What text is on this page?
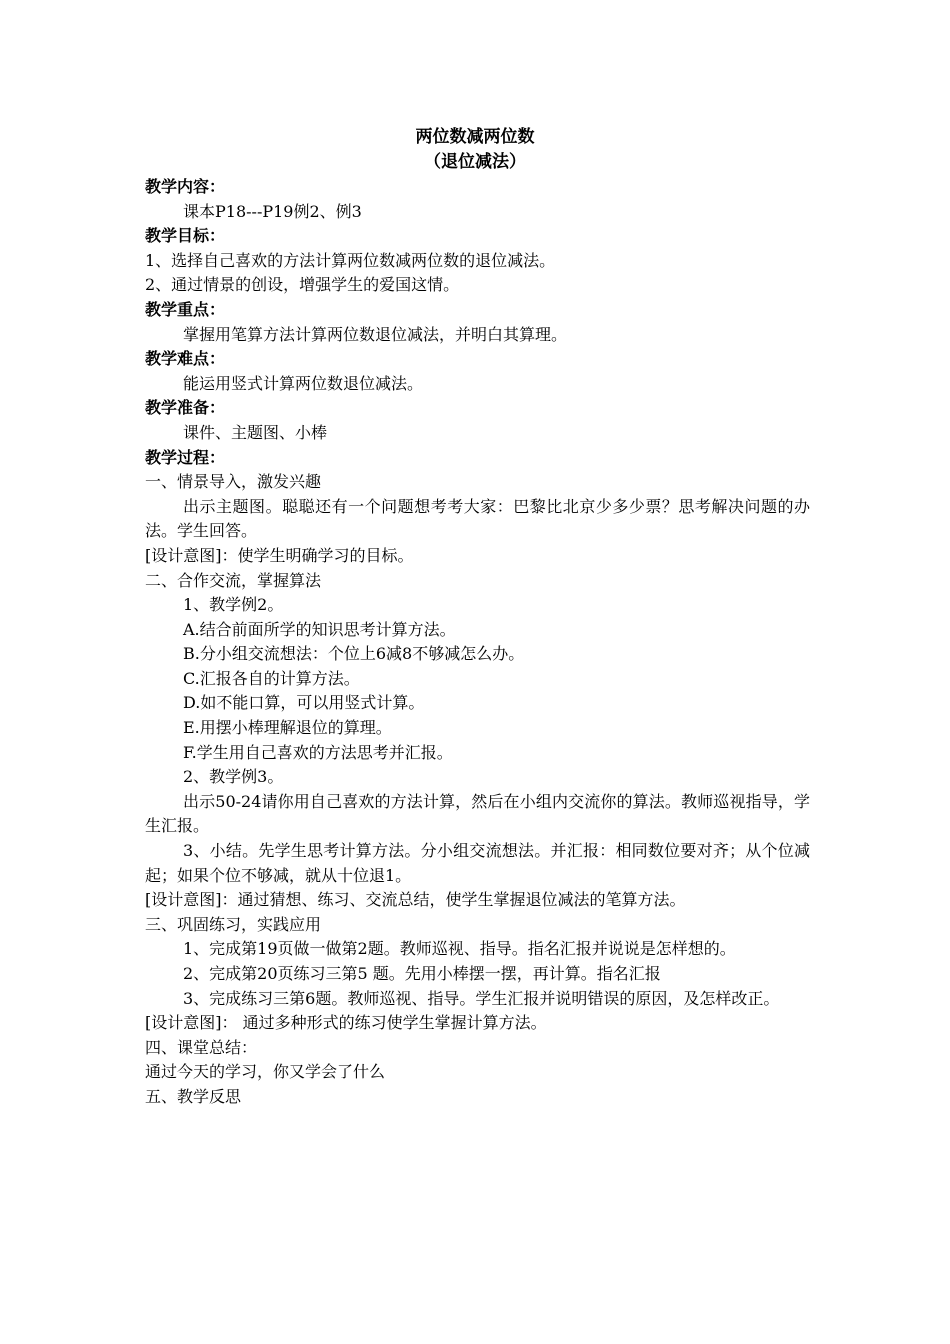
两位数减两位数
（退位减法）

教学内容：

课本P18---P19例2、例3

教学目标：

1、选择自己喜欢的方法计算两位数减两位数的退位减法。

2、通过情景的创设，增强学生的爱国这情。

教学重点：

掌握用笔算方法计算两位数退位减法，并明白其算理。

教学难点：

能运用竖式计算两位数退位减法。

教学准备：

课件、主题图、小棒

教学过程：

一、情景导入，激发兴趣

出示主题图。聪聪还有一个问题想考考大家：巴黎比北京少多少票？思考解决问题的办法。学生回答。

[设计意图]：使学生明确学习的目标。

二、合作交流，掌握算法

1、教学例2。

A.结合前面所学的知识思考计算方法。

B.分小组交流想法：个位上6减8不够减怎么办。

C.汇报各自的计算方法。

D.如不能口算，可以用竖式计算。

E.用摆小棒理解退位的算理。

F.学生用自己喜欢的方法思考并汇报。

2、教学例3。

出示50-24请你用自己喜欢的方法计算，然后在小组内交流你的算法。教师巡视指导，学生汇报。

3、小结。先学生思考计算方法。分小组交流想法。并汇报：相同数位要对齐；从个位减起；如果个位不够减，就从十位退1。

[设计意图]：通过猜想、练习、交流总结，使学生掌握退位减法的笔算方法。

三、巩固练习，实践应用

1、完成第19页做一做第2题。教师巡视、指导。指名汇报并说说是怎样想的。

2、完成第20页练习三第5 题。先用小棒摆一摆，再计算。指名汇报

3、完成练习三第6题。教师巡视、指导。学生汇报并说明错误的原因，及怎样改正。

[设计意图]： 通过多种形式的练习使学生掌握计算方法。

四、课堂总结：

通过今天的学习，你又学会了什么

五、教学反思
